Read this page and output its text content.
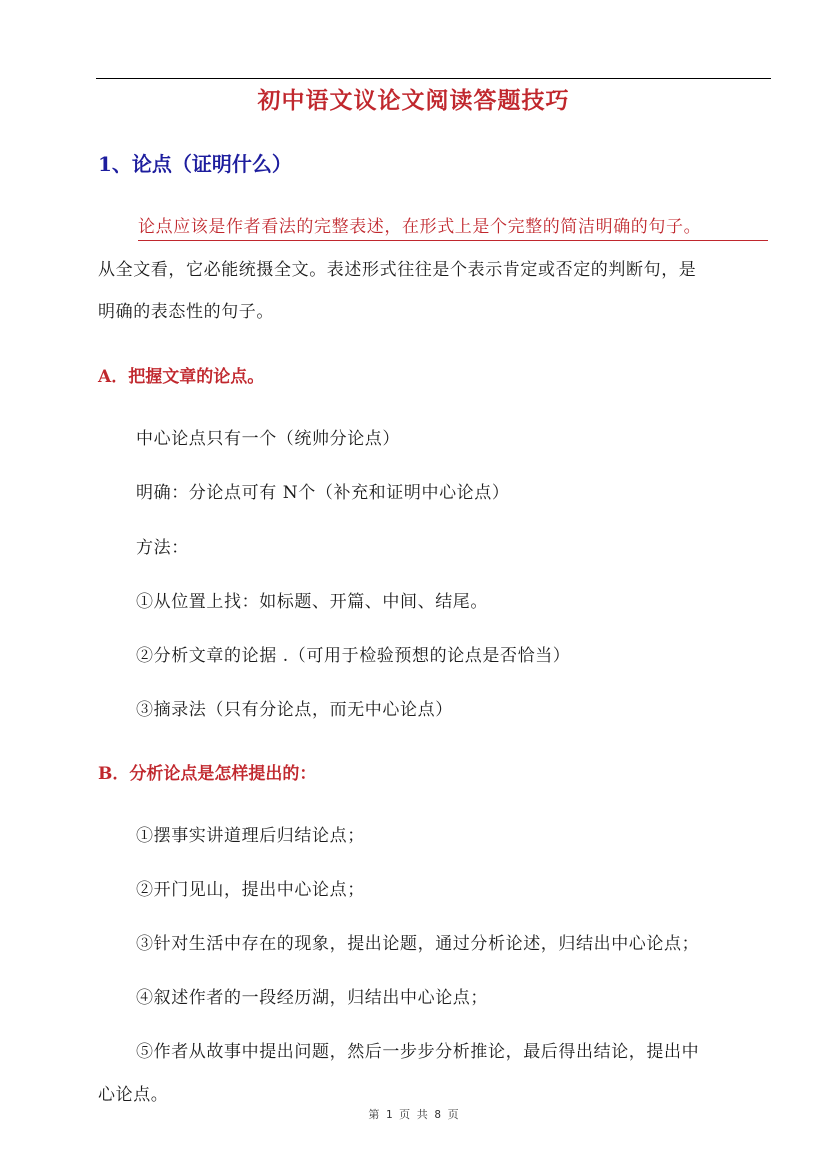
初中语文议论文阅读答题技巧
1、论点（证明什么）
论点应该是作者看法的完整表述，在形式上是个完整的简洁明确的句子。
从全文看，它必能统摄全文。表述形式往往是个表示肯定或否定的判断句，是
明确的表态性的句子。
A．把握文章的论点。
中心论点只有一个（统帅分论点）
明确：分论点可有 N个（补充和证明中心论点）
方法：
①从位置上找：如标题、开篇、中间、结尾。
②分析文章的论据 .（可用于检验预想的论点是否恰当）
③摘录法（只有分论点，而无中心论点）
B．分析论点是怎样提出的：
①摆事实讲道理后归结论点；
②开门见山，提出中心论点；
③针对生活中存在的现象，提出论题，通过分析论述，归结出中心论点；
④叙述作者的一段经历湖，归结出中心论点；
⑤作者从故事中提出问题，然后一步步分析推论，最后得出结论，提出中
心论点。
第 1 页 共 8 页
